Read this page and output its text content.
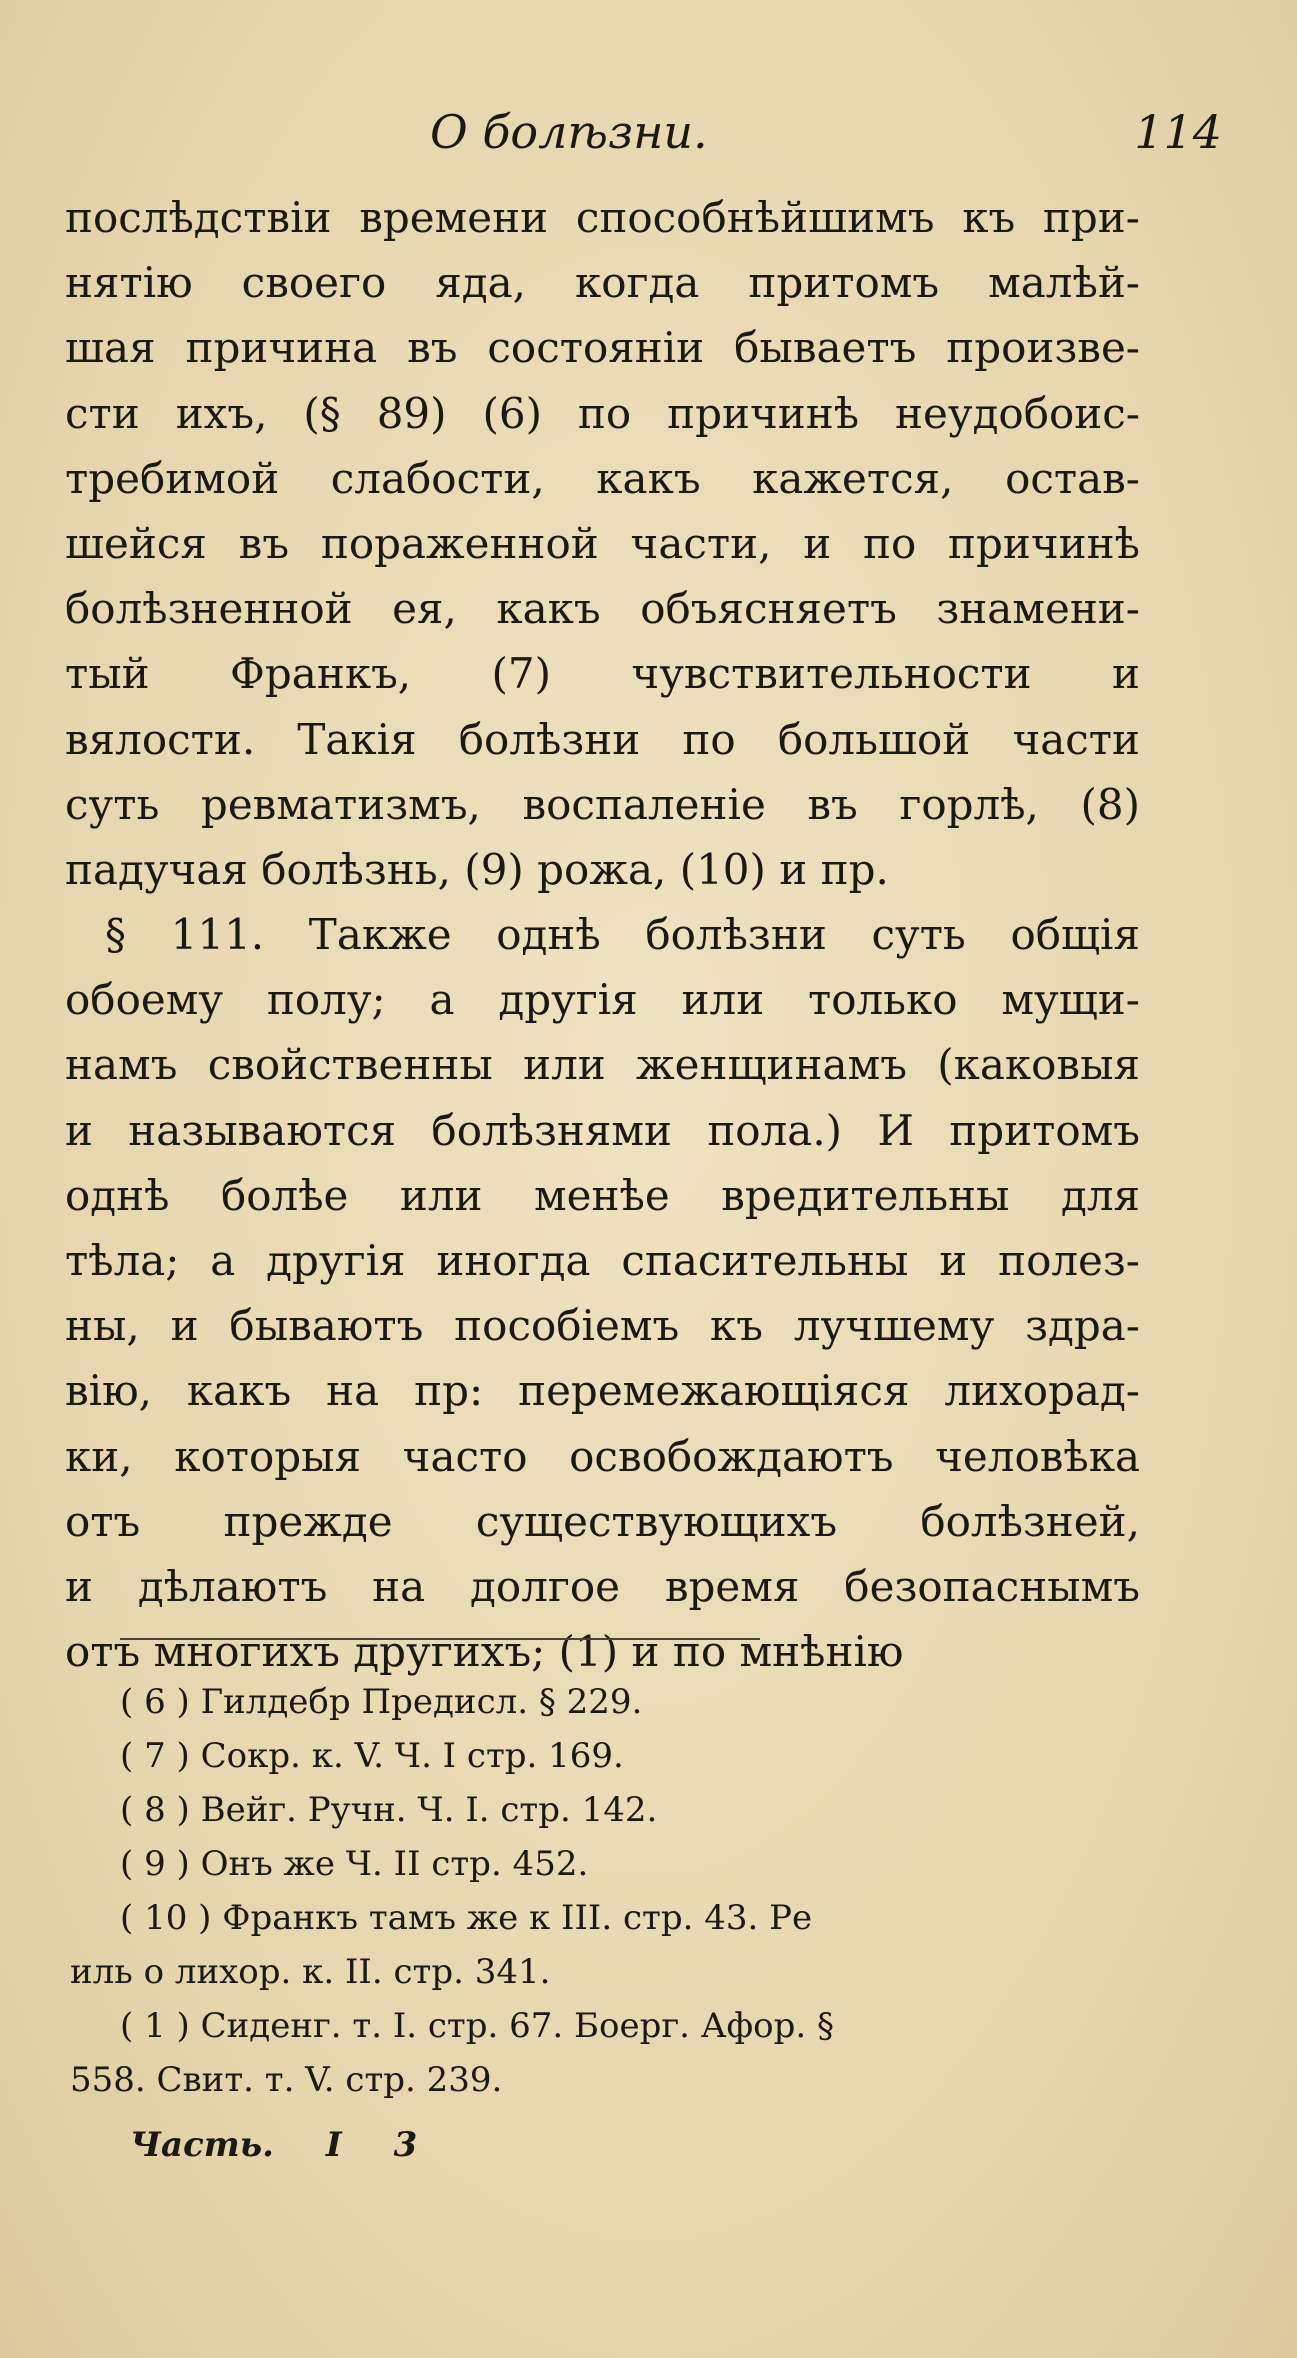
О болѣзни.	114
послѣдствіи времени способнѣйшимъ къ при-
нятію своего яда, когда притомъ малѣй-
шая причина въ состояніи бываетъ произве-
сти ихъ, (§ 89) (6) по причинѣ неудобоис-
требимой слабости, какъ кажется, остав-
шейся въ пораженной части, и по причинѣ
болѣзненной ея, какъ объясняетъ знамени-
тый Франкъ, (7) чувствительности и
вялости. Такія болѣзни по большой части
суть ревматизмъ, воспаленіе въ горлѣ, (8)
падучая болѣзнь, (9) рожа, (10) и пр.
§ 111. Также однѣ болѣзни суть общія
обоему полу; а другія или только мущи-
намъ свойственны или женщинамъ (каковыя
и называются болѣзнями пола.) И притомъ
однѣ болѣе или менѣе вредительны для
тѣла; а другія иногда спасительны и полез-
ны, и бываютъ пособіемъ къ лучшему здра-
вію, какъ на пр: перемежающіяся лихорад-
ки, которыя часто освобождаютъ человѣка
отъ прежде существующихъ болѣзней,
и дѣлаютъ на долгое время безопаснымъ
отъ многихъ другихъ; (1) и по мнѣнію
( 6 ) Гилдебр Предисл. § 229.
( 7 ) Сокр. к. V. Ч. I стр. 169.
( 8 ) Вейг. Ручн. Ч. I. стр. 142.
( 9 ) Онъ же Ч. II стр. 452.
( 10 ) Франкъ тамъ же к III. стр. 43. Ре
иль о лихор. к. II. стр. 341.
( 1 ) Сиденг. т. I. стр. 67. Боерг. Афор. §
558. Свит. т. V. стр. 239.
Часть. I 3
